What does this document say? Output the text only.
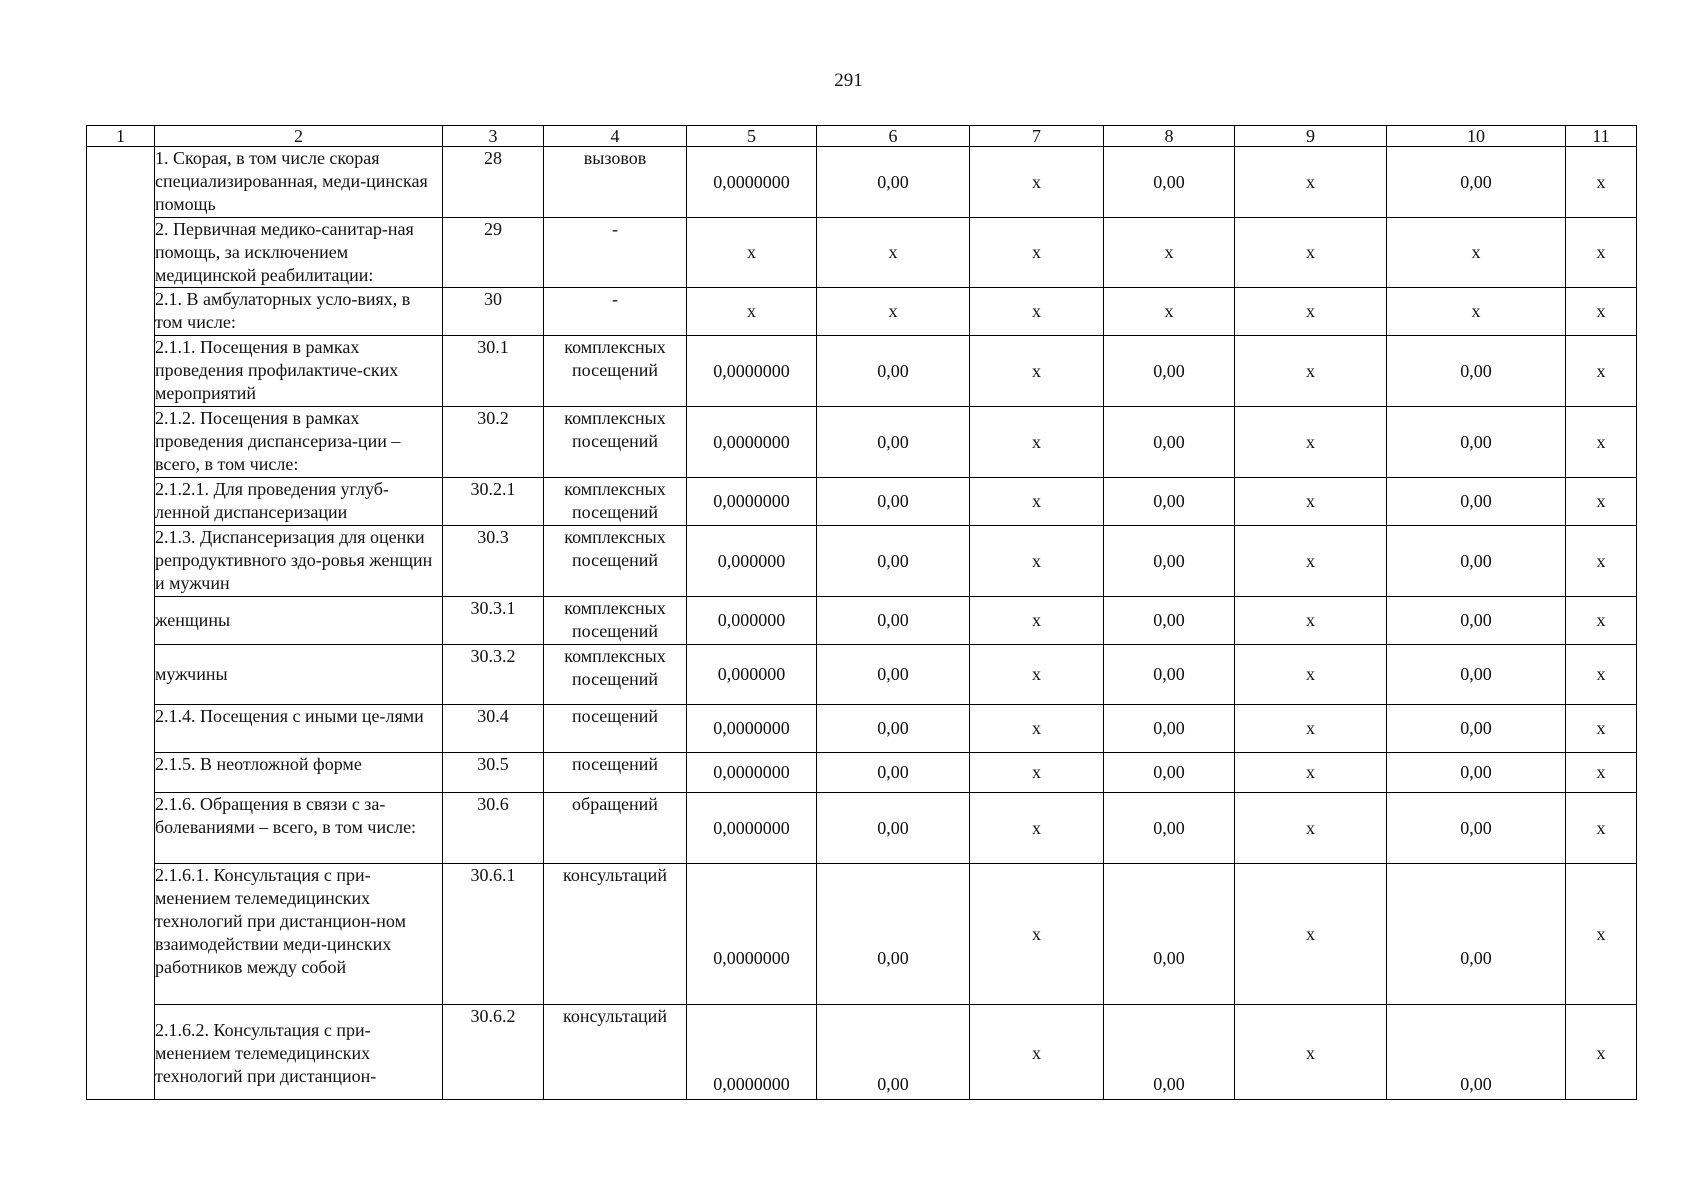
291
1	2	3	4	5	6	7	8	9	10	11
	1. Скорая, в том числе скорая специализированная, меди-цинская помощь	28	вызовов	0,0000000	0,00	х	0,00	х	0,00	х
	2. Первичная медико-санитар-ная помощь, за исключением медицинской реабилитации:	29	-	х	х	х	х	х	х	х
	2.1. В амбулаторных усло-виях, в том числе:	30	-	х	х	х	х	х	х	х
	2.1.1. Посещения в рамках проведения профилактиче-ских мероприятий	30.1	комплексных посещений	0,0000000	0,00	х	0,00	х	0,00	х
	2.1.2. Посещения в рамках проведения диспансериза-ции – всего, в том числе:	30.2	комплексных посещений	0,0000000	0,00	х	0,00	х	0,00	х
	2.1.2.1. Для проведения углуб-ленной диспансеризации	30.2.1	комплексных посещений	0,0000000	0,00	х	0,00	х	0,00	х
	2.1.3. Диспансеризация для оценки репродуктивного здо-ровья женщин и мужчин	30.3	комплексных посещений	0,000000	0,00	х	0,00	х	0,00	х
	женщины	30.3.1	комплексных посещений	0,000000	0,00	х	0,00	х	0,00	х
	мужчины	30.3.2	комплексных посещений	0,000000	0,00	х	0,00	х	0,00	х
	2.1.4. Посещения с иными це-лями	30.4	посещений	0,0000000	0,00	х	0,00	х	0,00	х
	2.1.5. В неотложной форме	30.5	посещений	0,0000000	0,00	х	0,00	х	0,00	х
	2.1.6. Обращения в связи с за-болеваниями – всего, в том числе:	30.6	обращений	0,0000000	0,00	х	0,00	х	0,00	х
	2.1.6.1. Консультация с при-менением телемедицинских технологий при дистанцион-ном взаимодействии меди-цинских работников между собой	30.6.1	консультаций	0,0000000	0,00	х	0,00	х	0,00	х
	2.1.6.2. Консультация с при-менением телемедицинских технологий при дистанцион-	30.6.2	консультаций	0,0000000	0,00	х	0,00	х	0,00	х
